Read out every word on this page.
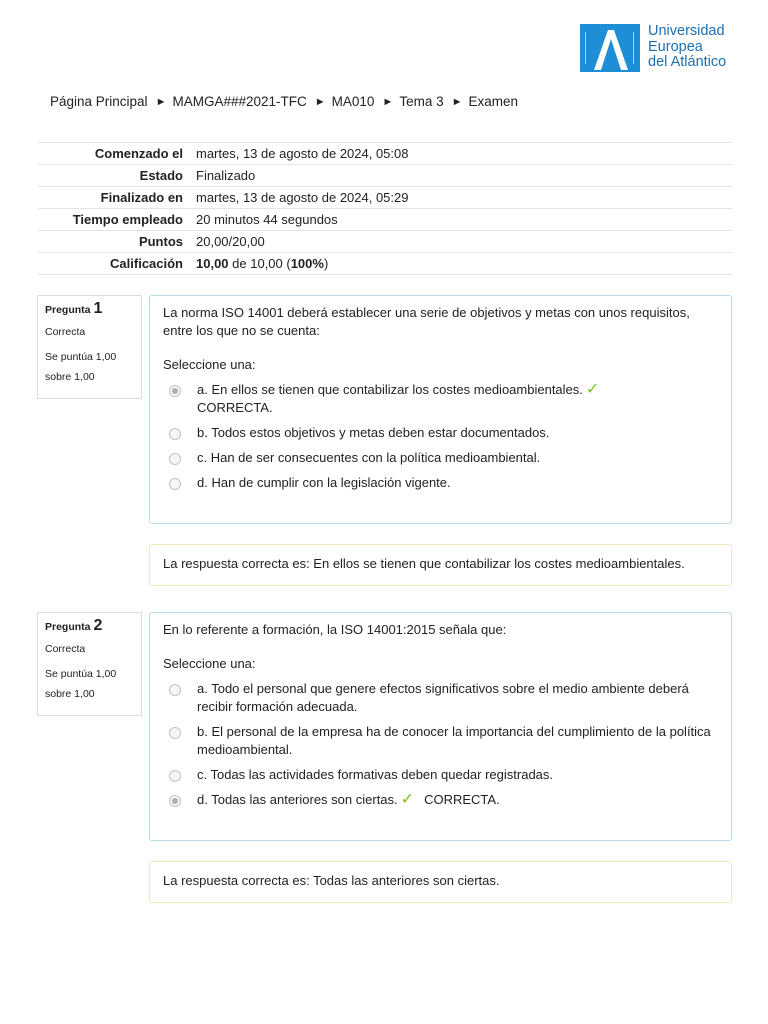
Universidad
Europea
del Atlántico
Página Principal ► MAMGA###2021-TFC ► MA010 ► Tema 3 ► Examen
Comenzado el	martes, 13 de agosto de 2024, 05:08
Estado	Finalizado
Finalizado en	martes, 13 de agosto de 2024, 05:29
Tiempo empleado	20 minutos 44 segundos
Puntos	20,00/20,00
Calificación	10,00 de 10,00 (100%)
Pregunta 1
Correcta
Se puntúa 1,00
sobre 1,00

La norma ISO 14001 deberá establecer una serie de objetivos y metas con unos requisitos, entre los que no se cuenta:

Seleccione una:
a. En ellos se tienen que contabilizar los costes medioambientales. ✓
CORRECTA.
b. Todos estos objetivos y metas deben estar documentados.
c. Han de ser consecuentes con la política medioambiental.
d. Han de cumplir con la legislación vigente.
La respuesta correcta es: En ellos se tienen que contabilizar los costes medioambientales.
Pregunta 2
Correcta
Se puntúa 1,00
sobre 1,00

En lo referente a formación, la ISO 14001:2015 señala que:

Seleccione una:
a. Todo el personal que genere efectos significativos sobre el medio ambiente deberá recibir formación adecuada.
b. El personal de la empresa ha de conocer la importancia del cumplimiento de la política medioambiental.
c. Todas las actividades formativas deben quedar registradas.
d. Todas las anteriores son ciertas. ✓ CORRECTA.
La respuesta correcta es: Todas las anteriores son ciertas.
